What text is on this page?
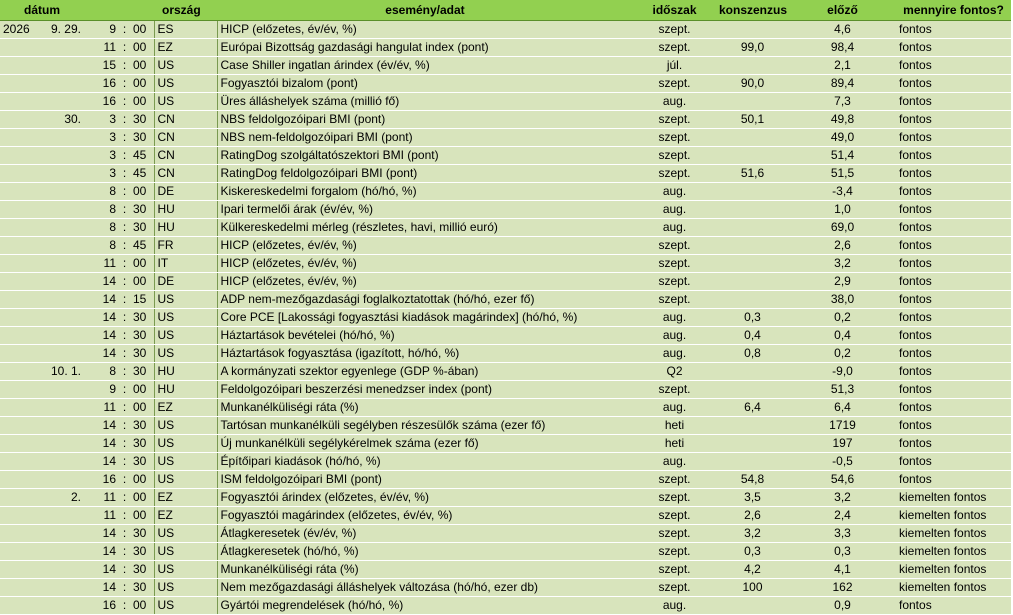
dátum					ország	esemény/adat	időszak	konszenzus	előző	mennyire fontos?
2026	9. 29.	9	:	00	ES	HICP (előzetes, év/év, %)	szept.		4,6	fontos
		11	:	00	EZ	Európai Bizottság gazdasági hangulat index (pont)	szept.	99,0	98,4	fontos
		15	:	00	US	Case Shiller ingatlan árindex (év/év, %)	júl.		2,1	fontos
		16	:	00	US	Fogyasztói bizalom (pont)	szept.	90,0	89,4	fontos
		16	:	00	US	Üres álláshelyek száma (millió fő)	aug.		7,3	fontos
	30.	3	:	30	CN	NBS feldolgozóipari BMI (pont)	szept.	50,1	49,8	fontos
		3	:	30	CN	NBS nem-feldolgozóipari BMI (pont)	szept.		49,0	fontos
		3	:	45	CN	RatingDog szolgáltatószektori BMI (pont)	szept.		51,4	fontos
		3	:	45	CN	RatingDog feldolgozóipari BMI (pont)	szept.	51,6	51,5	fontos
		8	:	00	DE	Kiskereskedelmi forgalom (hó/hó, %)	aug.		-3,4	fontos
		8	:	30	HU	Ipari termelői árak (év/év, %)	aug.		1,0	fontos
		8	:	30	HU	Külkereskedelmi mérleg (részletes, havi, millió euró)	aug.		69,0	fontos
		8	:	45	FR	HICP (előzetes, év/év, %)	szept.		2,6	fontos
		11	:	00	IT	HICP (előzetes, év/év, %)	szept.		3,2	fontos
		14	:	00	DE	HICP (előzetes, év/év, %)	szept.		2,9	fontos
		14	:	15	US	ADP nem-mezőgazdasági foglalkoztatottak (hó/hó, ezer fő)	szept.		38,0	fontos
		14	:	30	US	Core PCE [Lakossági fogyasztási kiadások magárindex] (hó/hó, %)	aug.	0,3	0,2	fontos
		14	:	30	US	Háztartások bevételei (hó/hó, %)	aug.	0,4	0,4	fontos
		14	:	30	US	Háztartások fogyasztása (igazított, hó/hó, %)	aug.	0,8	0,2	fontos
	10. 1.	8	:	30	HU	A kormányzati szektor egyenlege (GDP %-ában)	Q2		-9,0	fontos
		9	:	00	HU	Feldolgozóipari beszerzési menedzser index (pont)	szept.		51,3	fontos
		11	:	00	EZ	Munkanélküliségi ráta (%)	aug.	6,4	6,4	fontos
		14	:	30	US	Tartósan munkanélküli segélyben részesülők száma (ezer fő)	heti		1719	fontos
		14	:	30	US	Új munkanélküli segélykérelmek száma (ezer fő)	heti		197	fontos
		14	:	30	US	Építőipari kiadások (hó/hó, %)	aug.		-0,5	fontos
		16	:	00	US	ISM feldolgozóipari BMI (pont)	szept.	54,8	54,6	fontos
	2.	11	:	00	EZ	Fogyasztói árindex (előzetes, év/év, %)	szept.	3,5	3,2	kiemelten fontos
		11	:	00	EZ	Fogyasztói magárindex (előzetes, év/év, %)	szept.	2,6	2,4	kiemelten fontos
		14	:	30	US	Átlagkeresetek (év/év, %)	szept.	3,2	3,3	kiemelten fontos
		14	:	30	US	Átlagkeresetek (hó/hó, %)	szept.	0,3	0,3	kiemelten fontos
		14	:	30	US	Munkanélküliségi ráta (%)	szept.	4,2	4,1	kiemelten fontos
		14	:	30	US	Nem mezőgazdasági álláshelyek változása (hó/hó, ezer db)	szept.	100	162	kiemelten fontos
		16	:	00	US	Gyártói megrendelések (hó/hó, %)	aug.		0,9	fontos
